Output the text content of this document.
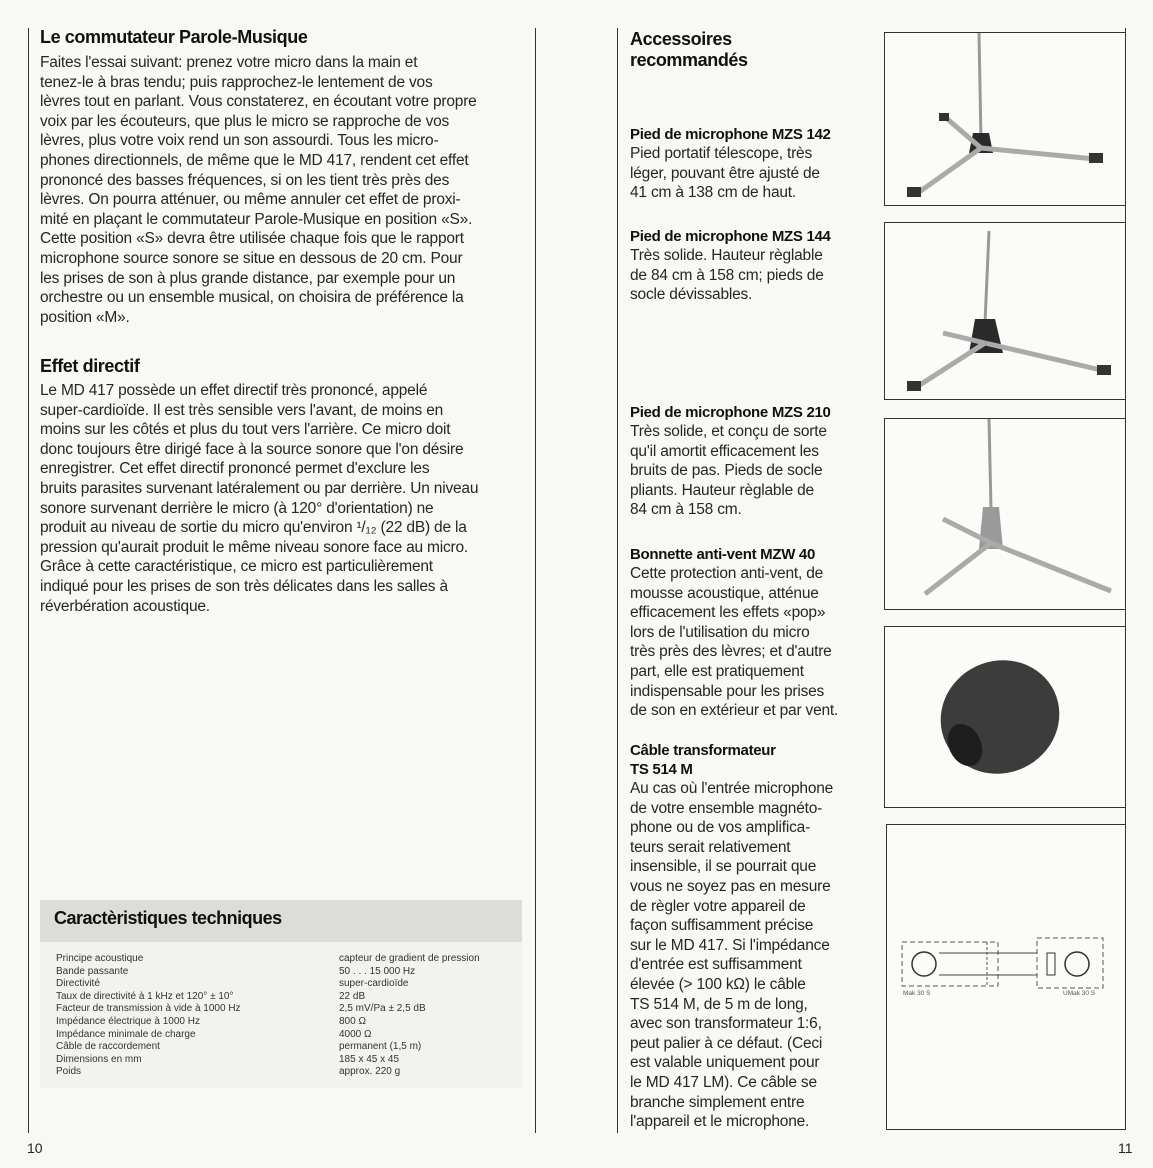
Le commutateur Parole-Musique

Faites l'essai suivant: prenez votre micro dans la main et

tenez-le à bras tendu; puis rapprochez-le lentement de vos

lèvres tout en parlant. Vous constaterez, en écoutant votre propre

voix par les écouteurs, que plus le micro se rapproche de vos

lèvres, plus votre voix rend un son assourdi. Tous les micro-

phones directionnels, de même que le MD 417, rendent cet effet

prononcé des basses fréquences, si on les tient très près des

lèvres. On pourra atténuer, ou même annuler cet effet de proxi-

mité en plaçant le commutateur Parole-Musique en position «S».

Cette position «S» devra être utilisée chaque fois que le rapport

microphone source sonore se situe en dessous de 20 cm. Pour

les prises de son à plus grande distance, par exemple pour un

orchestre ou un ensemble musical, on choisira de préférence la

position «M».

Effet directif

Le MD 417 possède un effet directif très prononcé, appelé

super-cardioïde. Il est très sensible vers l'avant, de moins en

moins sur les côtés et plus du tout vers l'arrière. Ce micro doit

donc toujours être dirigé face à la source sonore que l'on désire

enregistrer. Cet effet directif prononcé permet d'exclure les

bruits parasites survenant latéralement ou par derrière. Un niveau

sonore survenant derrière le micro (à 120° d'orientation) ne

produit au niveau de sortie du micro qu'environ ¹/₁₂ (22 dB) de la

pression qu'aurait produit le même niveau sonore face au micro.

Grâce à cette caractéristique, ce micro est particulièrement

indiqué pour les prises de son très délicates dans les salles à

réverbération acoustique.

Caractèristiques techniques
Principe acoustique	capteur de gradient de pression
Bande passante	50 . . . 15 000 Hz
Directivité	super-cardioïde
Taux de directivité à 1 kHz et 120° ± 10°	22 dB
Facteur de transmission à vide à 1000 Hz	2,5 mV/Pa ± 2,5 dB
Impédance électrique à 1000 Hz	800 Ω
Impédance minimale de charge	4000 Ω
Câble de raccordement	permanent (1,5 m)
Dimensions en mm	185 x 45 x 45
Poids	approx. 220 g
10
Accessoires
recommandés
Pied de microphone MZS 142

Pied portatif télescope, très

léger, pouvant être ajusté de

41 cm à 138 cm de haut.

Pied de microphone MZS 144

Très solide. Hauteur règlable

de 84 cm à 158 cm; pieds de

socle dévissables.

Pied de microphone MZS 210

Très solide, et conçu de sorte

qu'il amortit efficacement les

bruits de pas. Pieds de socle

pliants. Hauteur règlable de

84 cm à 158 cm.

Bonnette anti-vent MZW 40

Cette protection anti-vent, de

mousse acoustique, atténue

efficacement les effets «pop»

lors de l'utilisation du micro

très près des lèvres; et d'autre

part, elle est pratiquement

indispensable pour les prises

de son en extérieur et par vent.

Câble transformateur
TS 514 M

Au cas où l'entrée microphone

de votre ensemble magnéto-

phone ou de vos amplifica-

teurs serait relativement

insensible, il se pourrait que

vous ne soyez pas en mesure

de règler votre appareil de

façon suffisamment précise

sur le MD 417. Si l'impédance

d'entrée est suffisamment

élevée (> 100 kΩ) le câble

TS 514 M, de 5 m de long,

avec son transformateur 1:6,

peut palier à ce défaut. (Ceci

est valable uniquement pour

le MD 417 LM). Ce câble se

branche simplement entre

l'appareil et le microphone.

Mak 30 S	UMak 30 S
11
